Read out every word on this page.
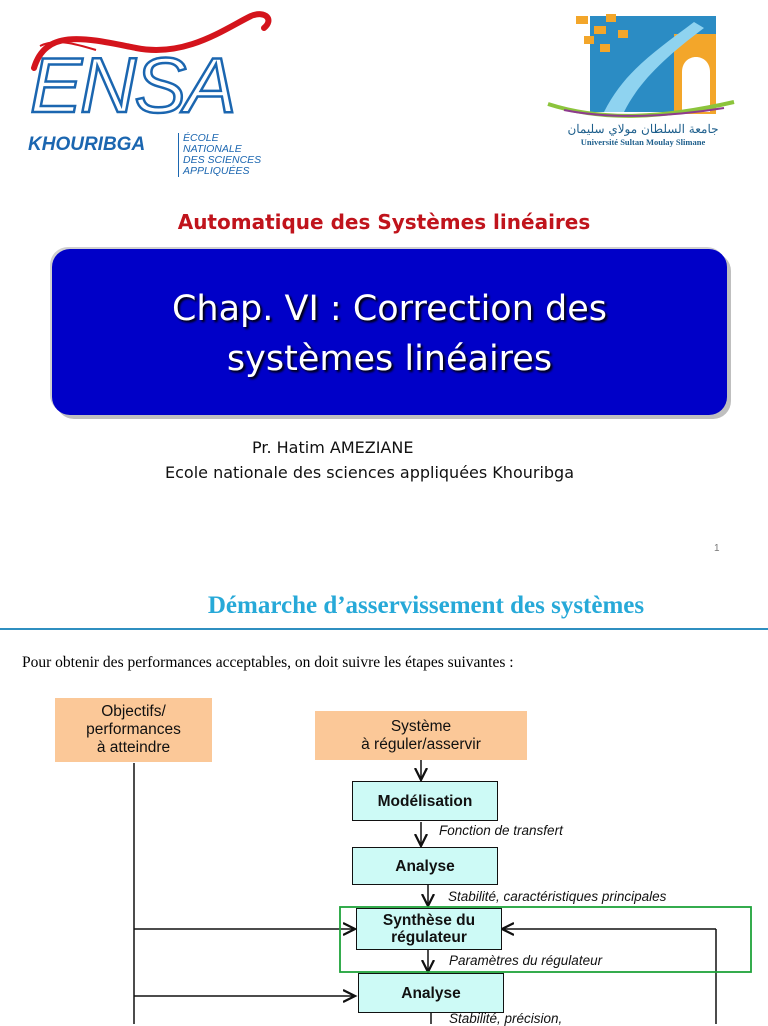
ENSA
KHOURIBGA	ÉCOLE
NATIONALE
DES SCIENCES
APPLIQUÉES
جامعة السلطان مولاي سليمان
Université Sultan Moulay Slimane
Automatique des Systèmes linéaires
Chap. VI : Correction des
systèmes linéaires
Pr. Hatim AMEZIANE
Ecole nationale des sciences appliquées Khouribga
1
Démarche d’asservissement des systèmes
Pour obtenir des performances acceptables, on doit suivre les étapes suivantes :
Objectifs/
performances
à atteindre
Système
à réguler/asservir
Modélisation
Fonction de transfert
Analyse
Stabilité, caractéristiques principales
Synthèse du
régulateur
Paramètres du régulateur
Analyse
Stabilité, précision,
